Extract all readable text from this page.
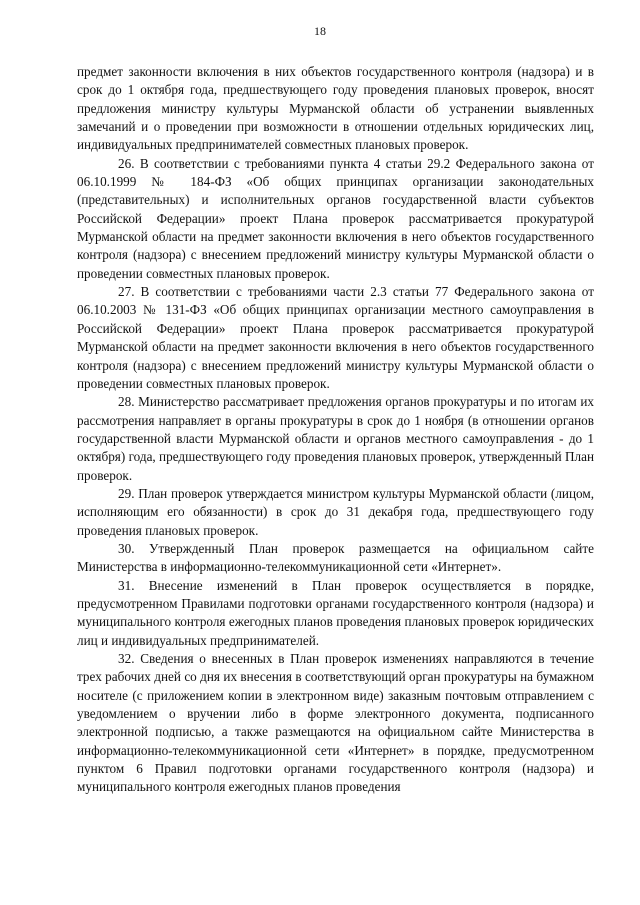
18

предмет законности включения в них объектов государственного контроля (надзора) и в срок до 1 октября года, предшествующего году проведения плановых проверок, вносят предложения министру культуры Мурманской области об устранении выявленных замечаний и о проведении при возможности в отношении отдельных юридических лиц, индивидуальных предпринимателей совместных плановых проверок.

26. В соответствии с требованиями пункта 4 статьи 29.2 Федерального закона от 06.10.1999 № 184-ФЗ «Об общих принципах организации законодательных (представительных) и исполнительных органов государственной власти субъектов Российской Федерации» проект Плана проверок рассматривается прокуратурой Мурманской области на предмет законности включения в него объектов государственного контроля (надзора) с внесением предложений министру культуры Мурманской области о проведении совместных плановых проверок.

27. В соответствии с требованиями части 2.3 статьи 77 Федерального закона от 06.10.2003 № 131-ФЗ «Об общих принципах организации местного самоуправления в Российской Федерации» проект Плана проверок рассматривается прокуратурой Мурманской области на предмет законности включения в него объектов государственного контроля (надзора) с внесением предложений министру культуры Мурманской области о проведении совместных плановых проверок.

28. Министерство рассматривает предложения органов прокуратуры и по итогам их рассмотрения направляет в органы прокуратуры в срок до 1 ноября (в отношении органов государственной власти Мурманской области и органов местного самоуправления - до 1 октября) года, предшествующего году проведения плановых проверок, утвержденный План проверок.

29. План проверок утверждается министром культуры Мурманской области (лицом, исполняющим его обязанности) в срок до 31 декабря года, предшествующего году проведения плановых проверок.

30. Утвержденный План проверок размещается на официальном сайте Министерства в информационно-телекоммуникационной сети «Интернет».

31. Внесение изменений в План проверок осуществляется в порядке, предусмотренном Правилами подготовки органами государственного контроля (надзора) и муниципального контроля ежегодных планов проведения плановых проверок юридических лиц и индивидуальных предпринимателей.

32. Сведения о внесенных в План проверок изменениях направляются в течение трех рабочих дней со дня их внесения в соответствующий орган прокуратуры на бумажном носителе (с приложением копии в электронном виде) заказным почтовым отправлением с уведомлением о вручении либо в форме электронного документа, подписанного электронной подписью, а также размещаются на официальном сайте Министерства в информационно-телекоммуникационной сети «Интернет» в порядке, предусмотренном пунктом 6 Правил подготовки органами государственного контроля (надзора) и муниципального контроля ежегодных планов проведения
